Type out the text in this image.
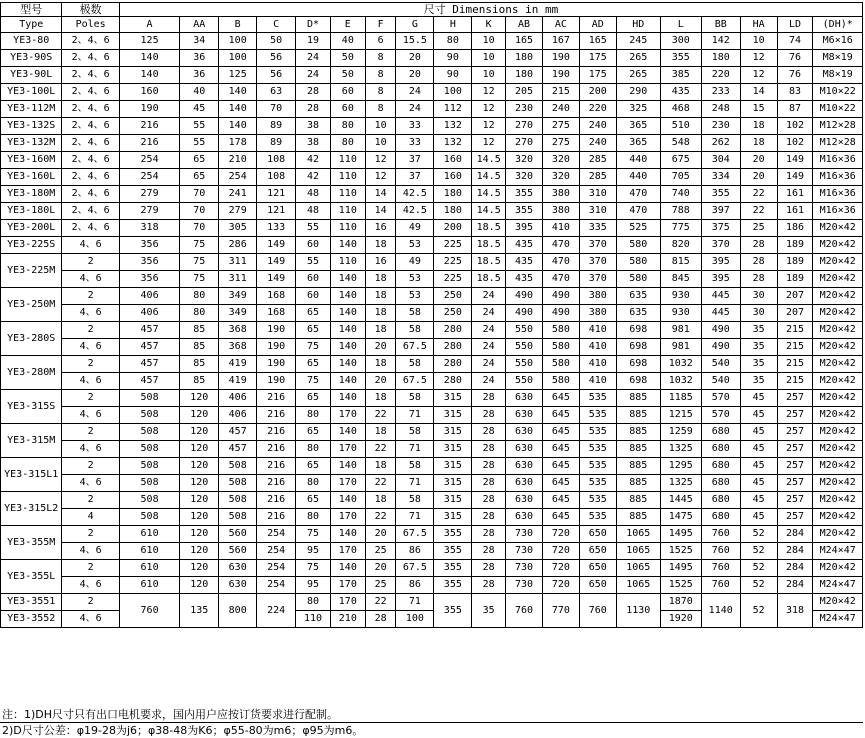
型号	极数	尺寸 Dimensions in mm																		
Type	Poles	A	AA	B	C	D*	E	F	G	H	K	AB	AC	AD	HD	L	BB	HA	LD	(DH)*
YE3-80	2、4、6	125	34	100	50	19	40	6	15.5	80	10	165	167	165	245	300	142	10	74	M6×16
YE3-90S	2、4、6	140	36	100	56	24	50	8	20	90	10	180	190	175	265	355	180	12	76	M8×19
YE3-90L	2、4、6	140	36	125	56	24	50	8	20	90	10	180	190	175	265	385	220	12	76	M8×19
YE3-100L	2、4、6	160	40	140	63	28	60	8	24	100	12	205	215	200	290	435	233	14	83	M10×22
YE3-112M	2、4、6	190	45	140	70	28	60	8	24	112	12	230	240	220	325	468	248	15	87	M10×22
YE3-132S	2、4、6	216	55	140	89	38	80	10	33	132	12	270	275	240	365	510	230	18	102	M12×28
YE3-132M	2、4、6	216	55	178	89	38	80	10	33	132	12	270	275	240	365	548	262	18	102	M12×28
YE3-160M	2、4、6	254	65	210	108	42	110	12	37	160	14.5	320	320	285	440	675	304	20	149	M16×36
YE3-160L	2、4、6	254	65	254	108	42	110	12	37	160	14.5	320	320	285	440	705	334	20	149	M16×36
YE3-180M	2、4、6	279	70	241	121	48	110	14	42.5	180	14.5	355	380	310	470	740	355	22	161	M16×36
YE3-180L	2、4、6	279	70	279	121	48	110	14	42.5	180	14.5	355	380	310	470	788	397	22	161	M16×36
YE3-200L	2、4、6	318	70	305	133	55	110	16	49	200	18.5	395	410	335	525	775	375	25	186	M20×42
YE3-225S	4、6	356	75	286	149	60	140	18	53	225	18.5	435	470	370	580	820	370	28	189	M20×42
YE3-225M	2	356	75	311	149	55	110	16	49	225	18.5	435	470	370	580	815	395	28	189	M20×42
	4、6	356	75	311	149	60	140	18	53	225	18.5	435	470	370	580	845	395	28	189	M20×42
YE3-250M	2	406	80	349	168	60	140	18	53	250	24	490	490	380	635	930	445	30	207	M20×42
	4、6	406	80	349	168	65	140	18	58	250	24	490	490	380	635	930	445	30	207	M20×42
YE3-280S	2	457	85	368	190	65	140	18	58	280	24	550	580	410	698	981	490	35	215	M20×42
	4、6	457	85	368	190	75	140	20	67.5	280	24	550	580	410	698	981	490	35	215	M20×42
YE3-280M	2	457	85	419	190	65	140	18	58	280	24	550	580	410	698	1032	540	35	215	M20×42
	4、6	457	85	419	190	75	140	20	67.5	280	24	550	580	410	698	1032	540	35	215	M20×42
YE3-315S	2	508	120	406	216	65	140	18	58	315	28	630	645	535	885	1185	570	45	257	M20×42
	4、6	508	120	406	216	80	170	22	71	315	28	630	645	535	885	1215	570	45	257	M20×42
YE3-315M	2	508	120	457	216	65	140	18	58	315	28	630	645	535	885	1259	680	45	257	M20×42
	4、6	508	120	457	216	80	170	22	71	315	28	630	645	535	885	1325	680	45	257	M20×42
YE3-315L1	2	508	120	508	216	65	140	18	58	315	28	630	645	535	885	1295	680	45	257	M20×42
	4、6	508	120	508	216	80	170	22	71	315	28	630	645	535	885	1325	680	45	257	M20×42
YE3-315L2	2	508	120	508	216	65	140	18	58	315	28	630	645	535	885	1445	680	45	257	M20×42
	4	508	120	508	216	80	170	22	71	315	28	630	645	535	885	1475	680	45	257	M20×42
YE3-355M	2	610	120	560	254	75	140	20	67.5	355	28	730	720	650	1065	1495	760	52	284	M20×42
	4、6	610	120	560	254	95	170	25	86	355	28	730	720	650	1065	1525	760	52	284	M24×47
YE3-355L	2	610	120	630	254	75	140	20	67.5	355	28	730	720	650	1065	1495	760	52	284	M20×42
	4、6	610	120	630	254	95	170	25	86	355	28	730	720	650	1065	1525	760	52	284	M24×47
YE3-3551	2	760	135	800	224	80	170	22	71	355	35	760	770	760	1130	1870	1140	52	318	M20×42
YE3-3552	4、6					110	210	28	100							1920				M24×47
注：1)DH尺寸只有出口电机要求，国内用户应按订货要求进行配制。
2)D尺寸公差：φ19-28为j6；φ38-48为K6；φ55-80为m6；φ95为m6。
